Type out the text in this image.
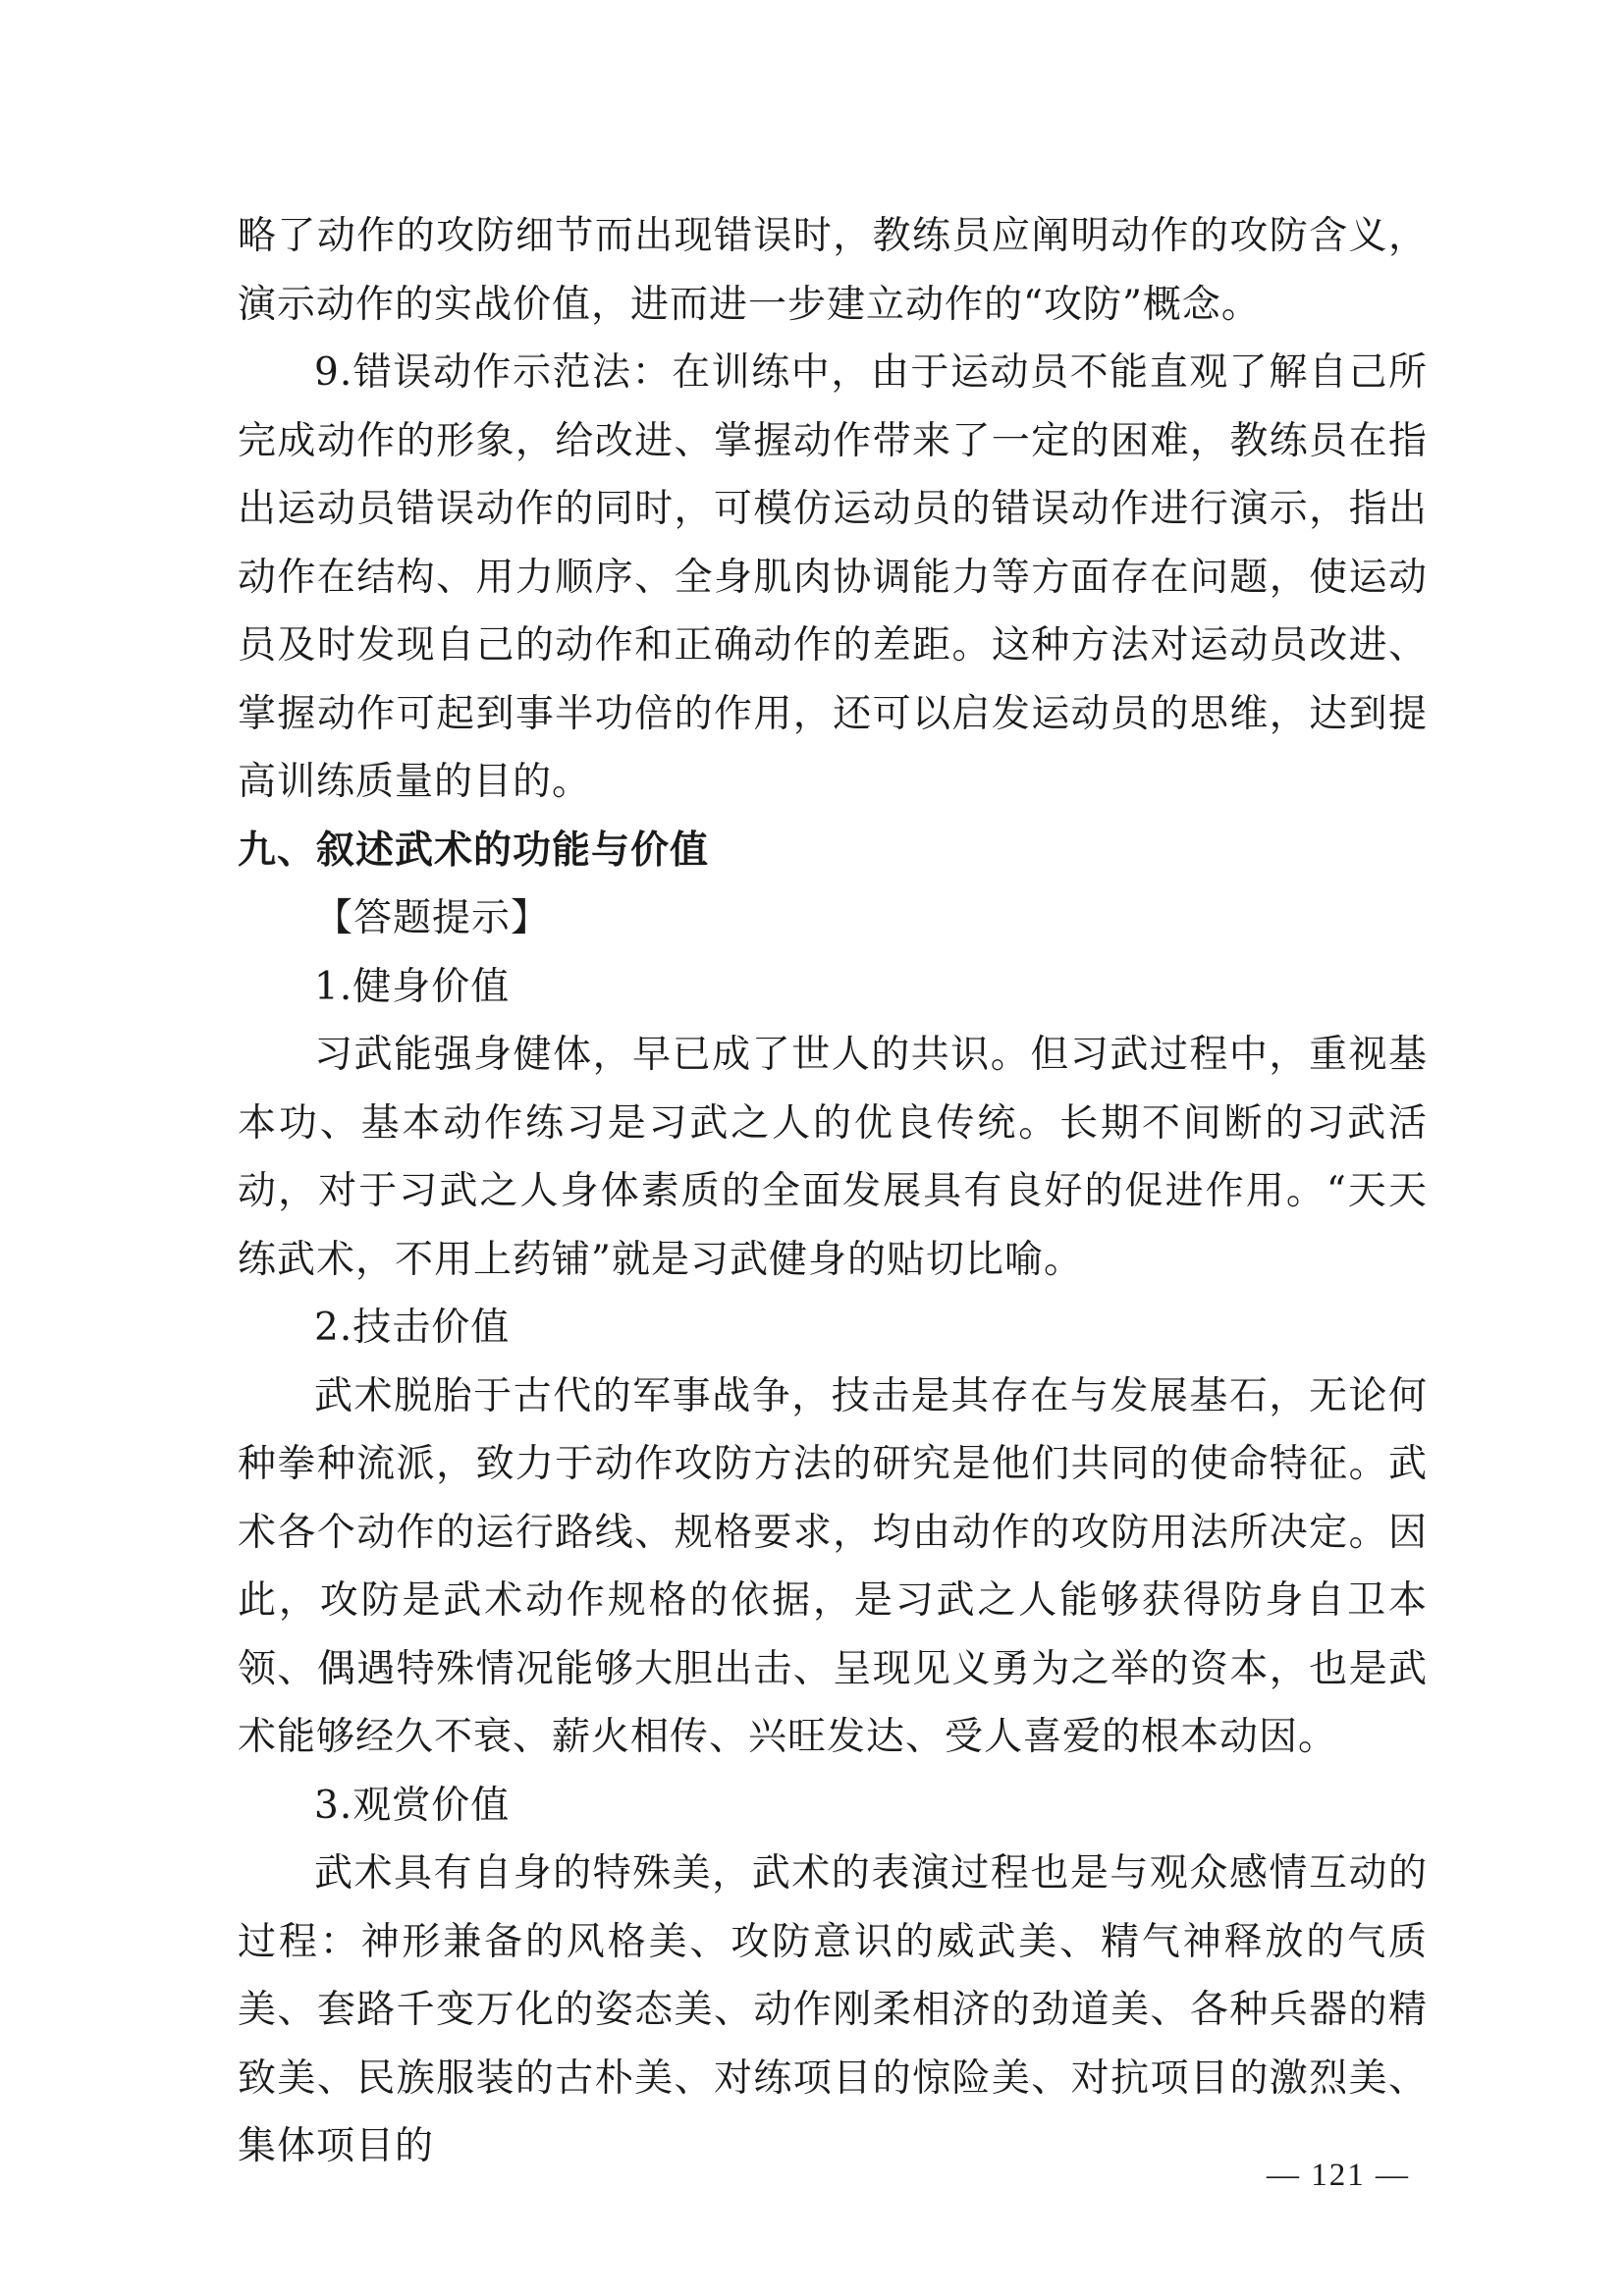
略了动作的攻防细节而出现错误时，教练员应阐明动作的攻防含义，演示动作的实战价值，进而进一步建立动作的“攻防”概念。

9.错误动作示范法：在训练中，由于运动员不能直观了解自己所完成动作的形象，给改进、掌握动作带来了一定的困难，教练员在指出运动员错误动作的同时，可模仿运动员的错误动作进行演示，指出动作在结构、用力顺序、全身肌肉协调能力等方面存在问题，使运动员及时发现自己的动作和正确动作的差距。这种方法对运动员改进、掌握动作可起到事半功倍的作用，还可以启发运动员的思维，达到提高训练质量的目的。

九、叙述武术的功能与价值

【答题提示】

1.健身价值

习武能强身健体，早已成了世人的共识。但习武过程中，重视基本功、基本动作练习是习武之人的优良传统。长期不间断的习武活动，对于习武之人身体素质的全面发展具有良好的促进作用。“天天练武术，不用上药铺”就是习武健身的贴切比喻。

2.技击价值

武术脱胎于古代的军事战争，技击是其存在与发展基石，无论何种拳种流派，致力于动作攻防方法的研究是他们共同的使命特征。武术各个动作的运行路线、规格要求，均由动作的攻防用法所决定。因此，攻防是武术动作规格的依据，是习武之人能够获得防身自卫本领、偶遇特殊情况能够大胆出击、呈现见义勇为之举的资本，也是武术能够经久不衰、薪火相传、兴旺发达、受人喜爱的根本动因。

3.观赏价值

武术具有自身的特殊美，武术的表演过程也是与观众感情互动的过程：神形兼备的风格美、攻防意识的威武美、精气神释放的气质美、套路千变万化的姿态美、动作刚柔相济的劲道美、各种兵器的精致美、民族服装的古朴美、对练项目的惊险美、对抗项目的激烈美、集体项目的

— 121 —
